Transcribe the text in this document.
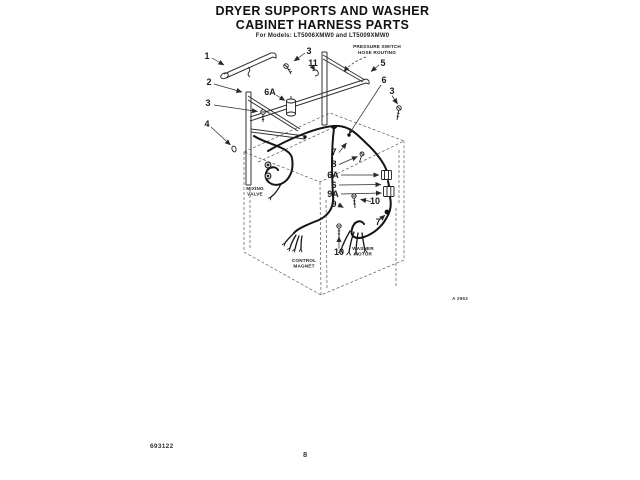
DRYER SUPPORTS AND WASHER
CABINET HARNESS PARTS
For Models: LT5006XMW0 and LT5009XMW0
1	3
11	5
6
3
2
3
4
6A
7
8
6A
6
9A
9	10
7
10
PRESSURE SWITCH
HOSE ROUTING
MIXING
VALVE
CONTROL
MAGNET
WASHER
MOTOR
A 2963
693122
8
